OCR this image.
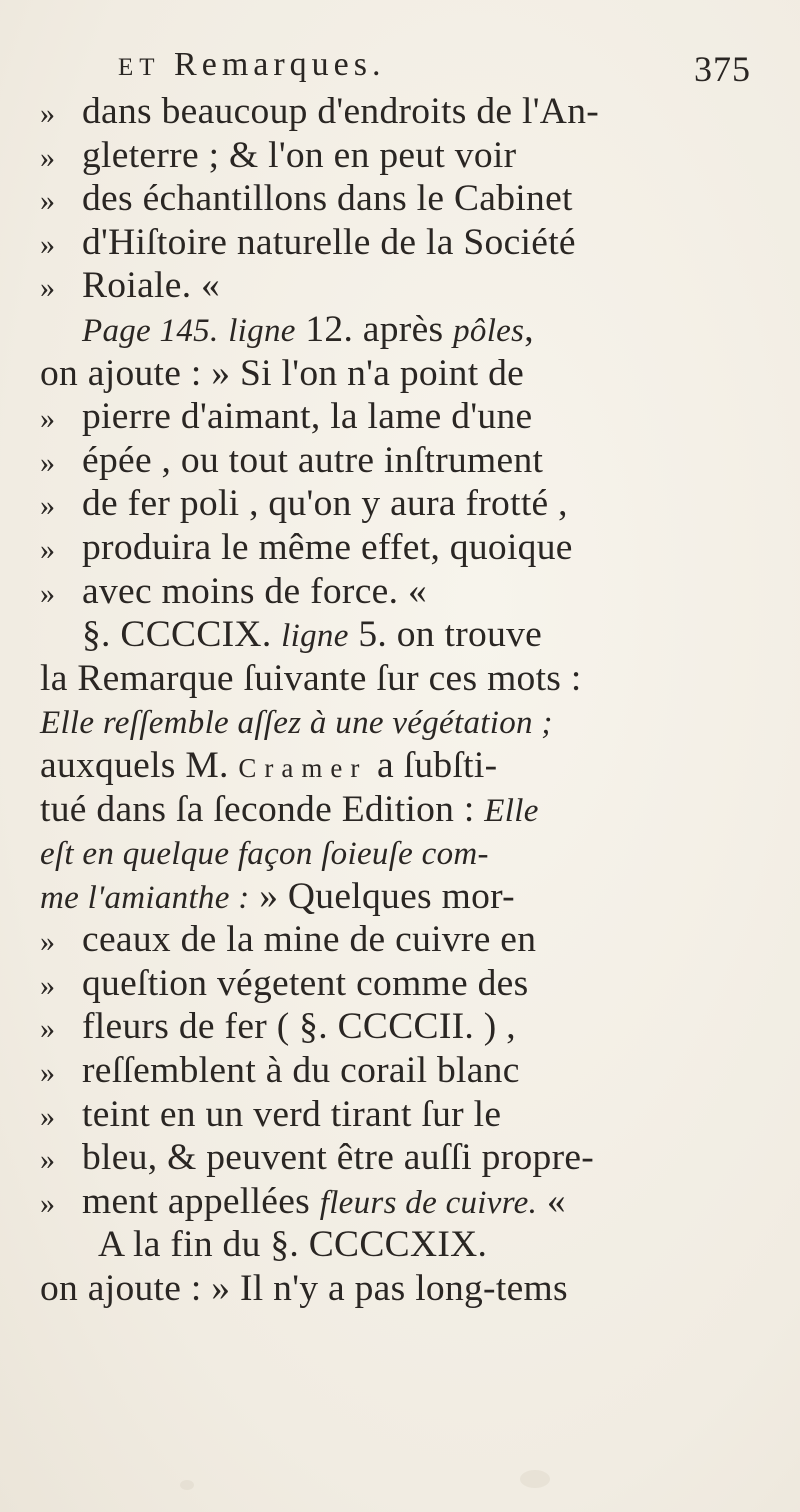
ET Remarques.	375
» dans beaucoup d'endroits de l'An-
» gleterre ; & l'on en peut voir
» des échantillons dans le Cabinet
» d'Hiſtoire naturelle de la Société
» Roiale. «
Page 145. ligne 12. après pôles,
on ajoute : » Si l'on n'a point de
» pierre d'aimant, la lame d'une
» épée , ou tout autre inſtrument
» de fer poli , qu'on y aura frotté ,
» produira le même effet, quoique
» avec moins de force. «
§. CCCCIX. ligne 5. on trouve
la Remarque ſuivante ſur ces mots :
Elle reſſemble aſſez à une végétation ;
auxquels M. Cramer a ſubſti-
tué dans ſa ſeconde Edition : Elle
eſt en quelque façon ſoieuſe com-
me l'amianthe : » Quelques mor-
» ceaux de la mine de cuivre en
» queſtion végetent comme des
» fleurs de fer ( §. CCCCII. ) ,
» reſſemblent à du corail blanc
» teint en un verd tirant ſur le
» bleu, & peuvent être auſſi propre-
» ment appellées fleurs de cuivre. «
A la fin du §. CCCCXIX.
on ajoute : » Il n'y a pas long-tems
